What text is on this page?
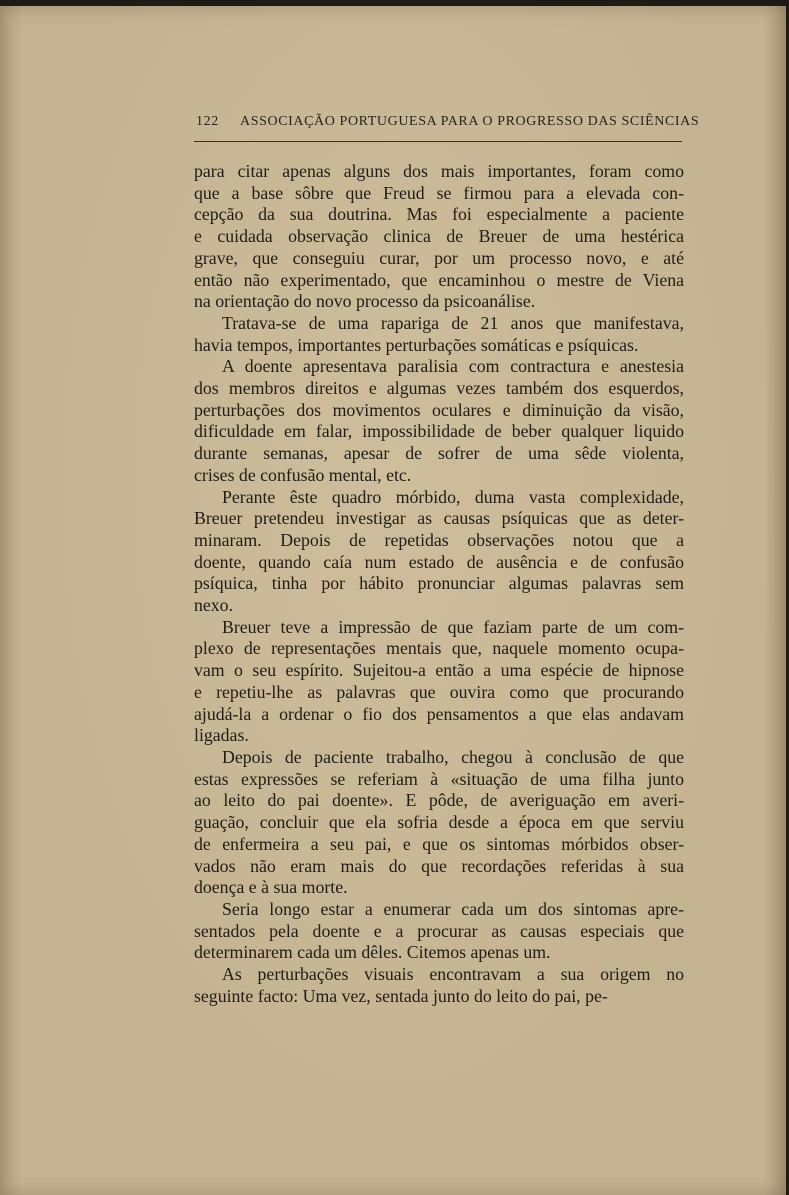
122 ASSOCIAÇÃO PORTUGUESA PARA O PROGRESSO DAS SCIÊNCIAS

para citar apenas alguns dos mais importantes, foram como
que a base sôbre que Freud se firmou para a elevada con-
cepção da sua doutrina. Mas foi especialmente a paciente
e cuidada observação clinica de Breuer de uma hestérica
grave, que conseguiu curar, por um processo novo, e até
então não experimentado, que encaminhou o mestre de Viena
na orientação do novo processo da psicoanálise.

Tratava-se de uma rapariga de 21 anos que manifestava,
havia tempos, importantes perturbações somáticas e psíquicas.

A doente apresentava paralisia com contractura e anestesia
dos membros direitos e algumas vezes também dos esquerdos,
perturbações dos movimentos oculares e diminuição da visão,
dificuldade em falar, impossibilidade de beber qualquer liquido
durante semanas, apesar de sofrer de uma sêde violenta,
crises de confusão mental, etc.

Perante êste quadro mórbido, duma vasta complexidade,
Breuer pretendeu investigar as causas psíquicas que as deter-
minaram. Depois de repetidas observações notou que a
doente, quando caía num estado de ausência e de confusão
psíquica, tinha por hábito pronunciar algumas palavras sem
nexo.

Breuer teve a impressão de que faziam parte de um com-
plexo de representações mentais que, naquele momento ocupa-
vam o seu espírito. Sujeitou-a então a uma espécie de hipnose
e repetiu-lhe as palavras que ouvira como que procurando
ajudá-la a ordenar o fio dos pensamentos a que elas andavam
ligadas.

Depois de paciente trabalho, chegou à conclusão de que
estas expressões se referiam à «situação de uma filha junto
ao leito do pai doente». E pôde, de averiguação em averi-
guação, concluir que ela sofria desde a época em que serviu
de enfermeira a seu pai, e que os sintomas mórbidos obser-
vados não eram mais do que recordações referidas à sua
doença e à sua morte.

Seria longo estar a enumerar cada um dos sintomas apre-
sentados pela doente e a procurar as causas especiais que
determinarem cada um dêles. Citemos apenas um.

As perturbações visuais encontravam a sua origem no
seguinte facto: Uma vez, sentada junto do leito do pai, pe-
